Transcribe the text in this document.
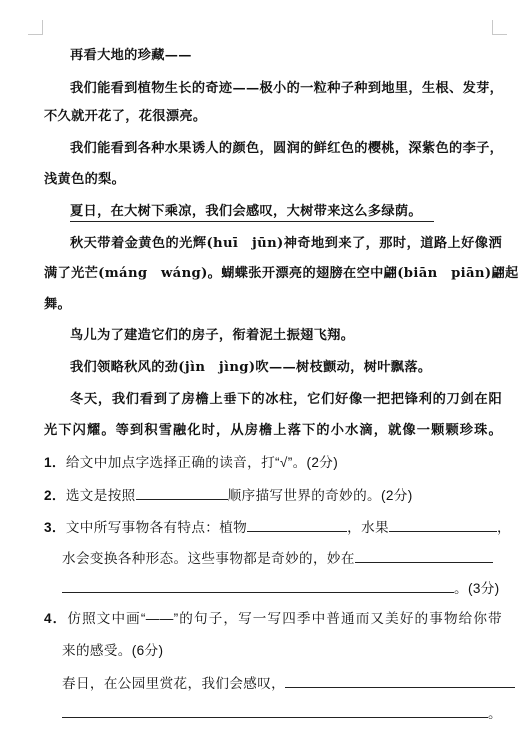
再看大地的珍藏——
我们能看到植物生长的奇迹——极小的一粒种子种到地里，生根、发芽，
不久就开花了，花很漂亮。
我们能看到各种水果诱人的颜色，圆润的鲜红色的樱桃，深紫色的李子，
浅黄色的梨。
夏日，在大树下乘凉，我们会感叹，大树带来这么多绿荫。
秋天带着金黄色的光辉(huī　jūn)神奇地到来了，那时，道路上好像洒
满了光芒(máng　wáng)。蝴蝶张开漂亮的翅膀在空中翩(biān　piān)翩起
舞。
鸟儿为了建造它们的房子，衔着泥土振翅飞翔。
我们领略秋风的劲(jìn　jìng)吹——树枝颤动，树叶飘落。
冬天，我们看到了房檐上垂下的冰柱，它们好像一把把锋利的刀剑在阳
光下闪耀。等到积雪融化时，从房檐上落下的小水滴，就像一颗颗珍珠。
1．给文中加点字选择正确的读音，打“√”。(2分)
2．选文是按照	顺序描写世界的奇妙的。(2分)
3．文中所写事物各有特点：植物	，水果	，
水会变换各种形态。这些事物都是奇妙的，妙在
。(3分)
4．仿照文中画“——”的句子，写一写四季中普通而又美好的事物给你带
来的感受。(6分)
春日，在公园里赏花，我们会感叹，
。
